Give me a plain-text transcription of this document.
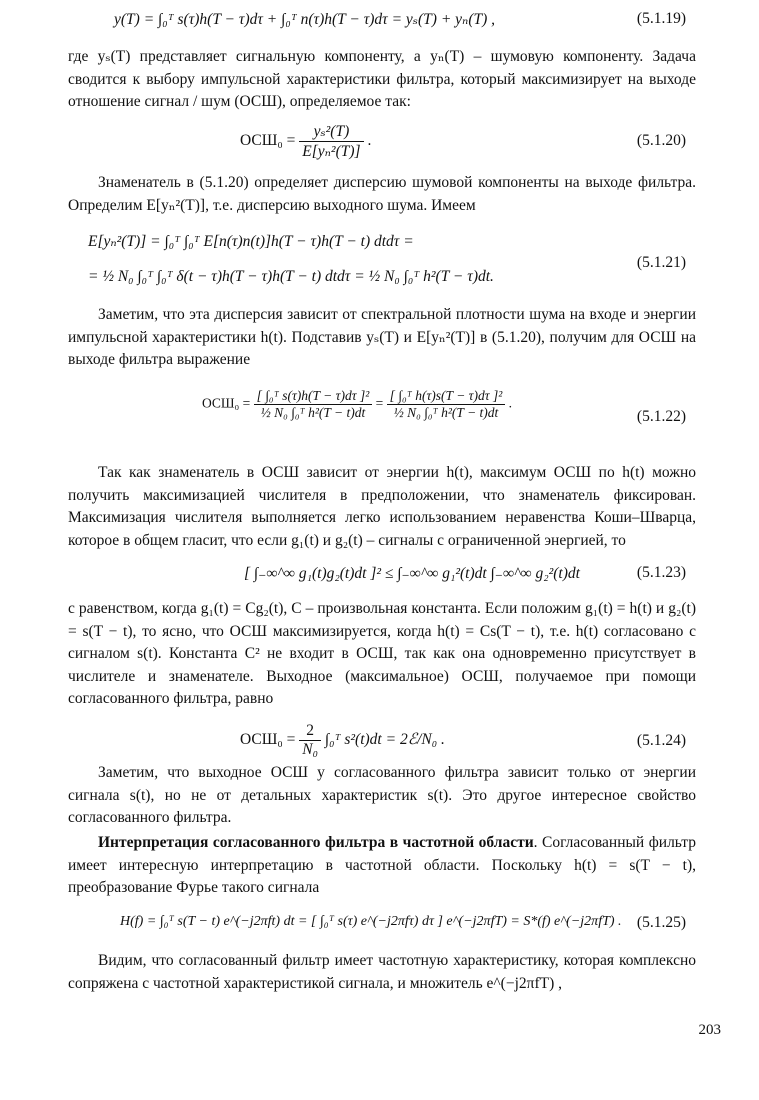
y(T) = ∫₀ᵀ s(τ)h(T − τ)dτ + ∫₀ᵀ n(τ)h(T − τ)dτ = yₛ(T) + yₙ(T) ,	(5.1.19)

где yₛ(T) представляет сигнальную компоненту, а yₙ(T) – шумовую компоненту. Задача сводится к выбору импульсной характеристики фильтра, который максимизирует на выходе отношение сигнал / шум (ОСШ), определяемое так:

$ОСШ_0 = \frac{\text{yₛ²(T)}}{\text{E[yₙ²(T)]}}$ .	(5.1.20)

Знаменатель в (5.1.20) определяет дисперсию шумовой компоненты на выходе фильтра. Определим E[yₙ²(T)], т.е. дисперсию выходного шума. Имеем

E[yₙ²(T)] = ∫₀ᵀ ∫₀ᵀ E[n(τ)n(t)]h(T − τ)h(T − t) dtdτ =
= ½ N₀ ∫₀ᵀ ∫₀ᵀ δ(t − τ)h(T − τ)h(T − t) dtdτ = ½ N₀ ∫₀ᵀ h²(T − τ)dt.
(5.1.21)

Заметим, что эта дисперсия зависит от спектральной плотности шума на входе и энергии импульсной характеристики h(t). Подставив yₛ(T) и E[yₙ²(T)] в (5.1.20), получим для ОСШ на выходе фильтра выражение

$ОСШ_0 = \frac{\text{[ ∫₀ᵀ s(τ)h(T − τ)dτ ]²}}{\text{½ N₀ ∫₀ᵀ h²(T − t)dt}} = \frac{\text{[ ∫₀ᵀ h(τ)s(T − τ)dτ ]²}}{\text{½ N₀ ∫₀ᵀ h²(T − t)dt}}$ .
(5.1.22)

Так как знаменатель в ОСШ зависит от энергии h(t), максимум ОСШ по h(t) можно получить максимизацией числителя в предположении, что знаменатель фиксирован. Максимизация числителя выполняется легко использованием неравенства Коши–Шварца, которое в общем гласит, что если g₁(t) и g₂(t) – сигналы с ограниченной энергией, то

[ ∫₋∞^∞ g₁(t)g₂(t)dt ]² ≤ ∫₋∞^∞ g₁²(t)dt ∫₋∞^∞ g₂²(t)dt	(5.1.23)

с равенством, когда g₁(t) = Cg₂(t), C – произвольная константа. Если положим g₁(t) = h(t) и g₂(t) = s(T − t), то ясно, что ОСШ максимизируется, когда h(t) = Cs(T − t), т.е. h(t) согласовано с сигналом s(t). Константа C² не входит в ОСШ, так как она одновременно присутствует в числителе и знаменателе. Выходное (максимальное) ОСШ, получаемое при помощи согласованного фильтра, равно

$ОСШ_0 = \frac{2}{\text{N₀}}$ ∫₀ᵀ s²(t)dt = 2ℰ/N₀ .	(5.1.24)

Заметим, что выходное ОСШ у согласованного фильтра зависит только от энергии сигнала s(t), но не от детальных характеристик s(t). Это другое интересное свойство согласованного фильтра.

Интерпретация согласованного фильтра в частотной области. Согласованный фильтр имеет интересную интерпретацию в частотной области. Поскольку h(t) = s(T − t), преобразование Фурье такого сигнала

H(f) = ∫₀ᵀ s(T − t) e^(−j2πft) dt = [ ∫₀ᵀ s(τ) e^(−j2πfτ) dτ ] e^(−j2πfT) = S*(f) e^(−j2πfT) . (5.1.25)

Видим, что согласованный фильтр имеет частотную характеристику, которая комплексно сопряжена с частотной характеристикой сигнала, и множитель e^(−j2πfT) ,

203
